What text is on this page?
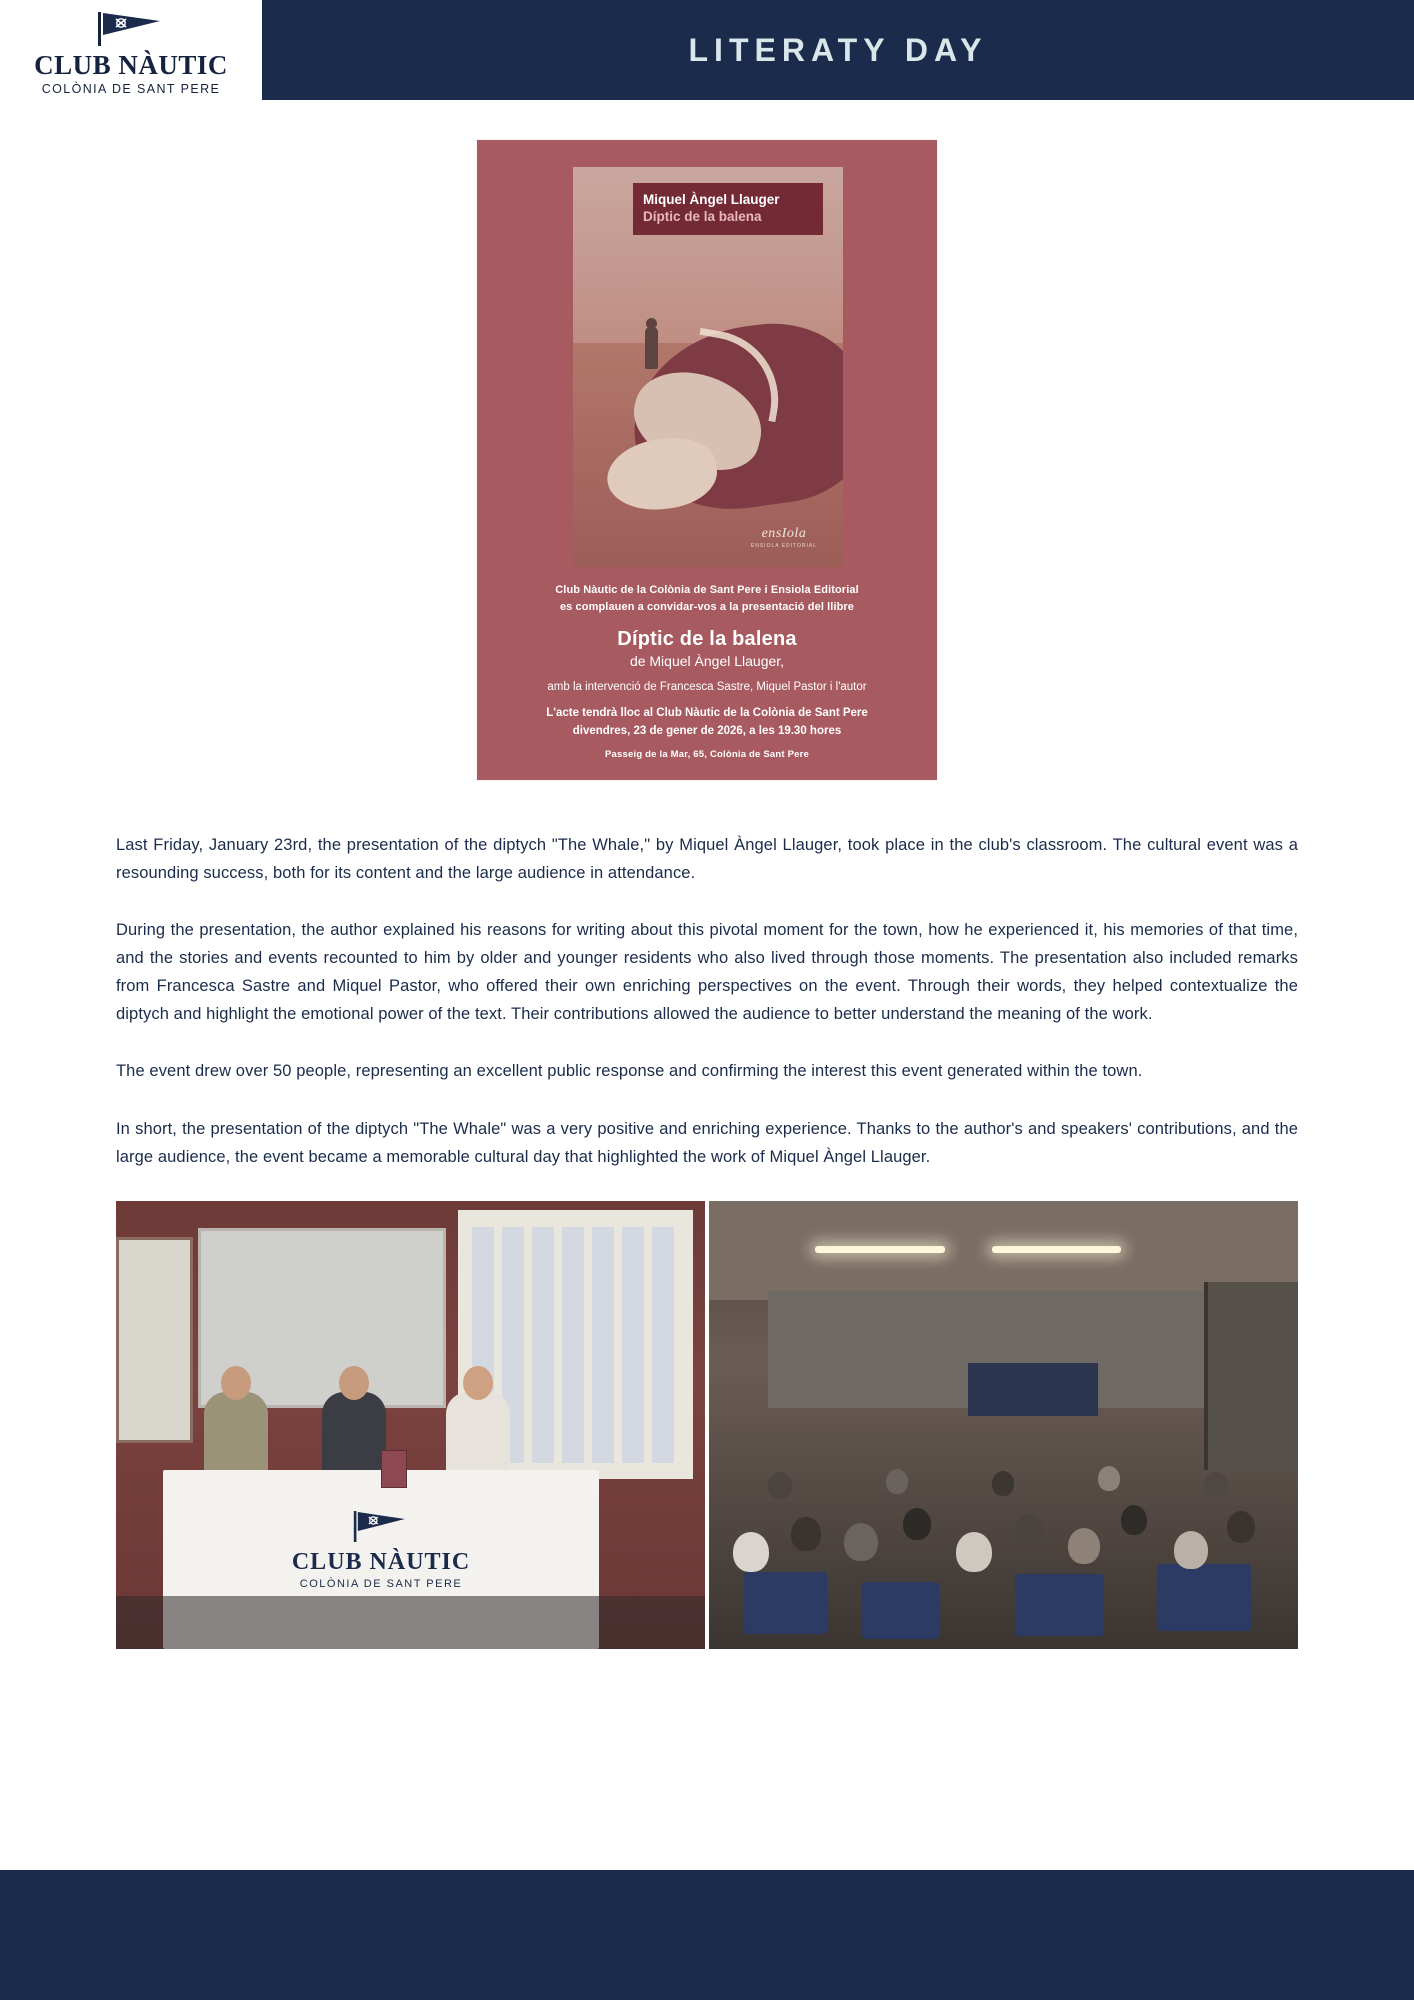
CLUB NÀUTIC
COLÒNIA DE SANT PERE
LITERATY DAY
Miquel Àngel Llauger
Díptic de la balena
ensIola
ENSIOLA EDITORIAL
Club Nàutic de la Colònia de Sant Pere i Ensiola Editorial
es complauen a convidar-vos a la presentació del llibre
Díptic de la balena
de Miquel Àngel Llauger,
amb la intervenció de Francesca Sastre, Miquel Pastor i l'autor
L'acte tendrà lloc al Club Nàutic de la Colònia de Sant Pere
divendres, 23 de gener de 2026, a les 19.30 hores
Passeig de la Mar, 65, Colònia de Sant Pere

Last Friday, January 23rd, the presentation of the diptych "The Whale," by Miquel Àngel Llauger, took place in the club's classroom. The cultural event was a resounding success, both for its content and the large audience in attendance.

During the presentation, the author explained his reasons for writing about this pivotal moment for the town, how he experienced it, his memories of that time, and the stories and events recounted to him by older and younger residents who also lived through those moments. The presentation also included remarks from Francesca Sastre and Miquel Pastor, who offered their own enriching perspectives on the event. Through their words, they helped contextualize the diptych and highlight the emotional power of the text. Their contributions allowed the audience to better understand the meaning of the work.

The event drew over 50 people, representing an excellent public response and confirming the interest this event generated within the town.

In short, the presentation of the diptych "The Whale" was a very positive and enriching experience. Thanks to the author's and speakers' contributions, and the large audience, the event became a memorable cultural day that highlighted the work of Miquel Àngel Llauger.

CLUB NÀUTIC
COLÒNIA DE SANT PERE
